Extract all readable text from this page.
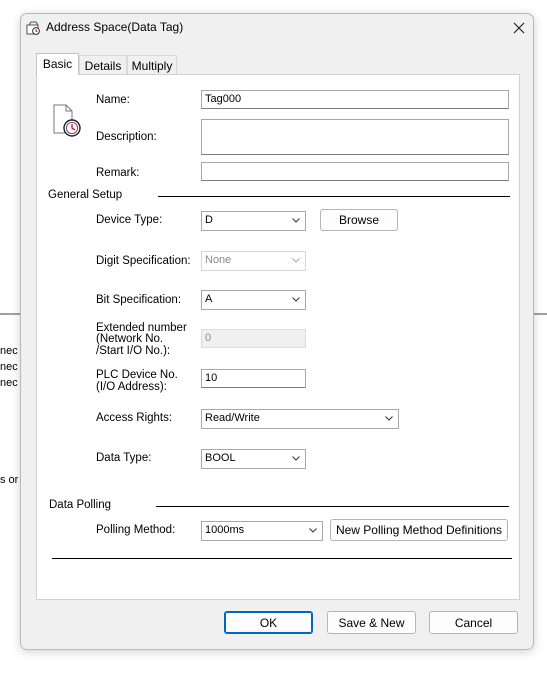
nec
nec
nec
s or
Address Space(Data Tag)
Basic	Details Multiply
Name:	Tag000
Description:
Remark:
General Setup
Device Type:	D	Browse
Digit Specification:	None
Bit Specification:	A
Extended number
(Network No.
/Start I/O No.):
0
PLC Device No.
(I/O Address):
10
Access Rights:	Read/Write
Data Type:	BOOL
Data Polling
Polling Method:	1000ms	New Polling Method Definitions
OK	Save & New	Cancel
